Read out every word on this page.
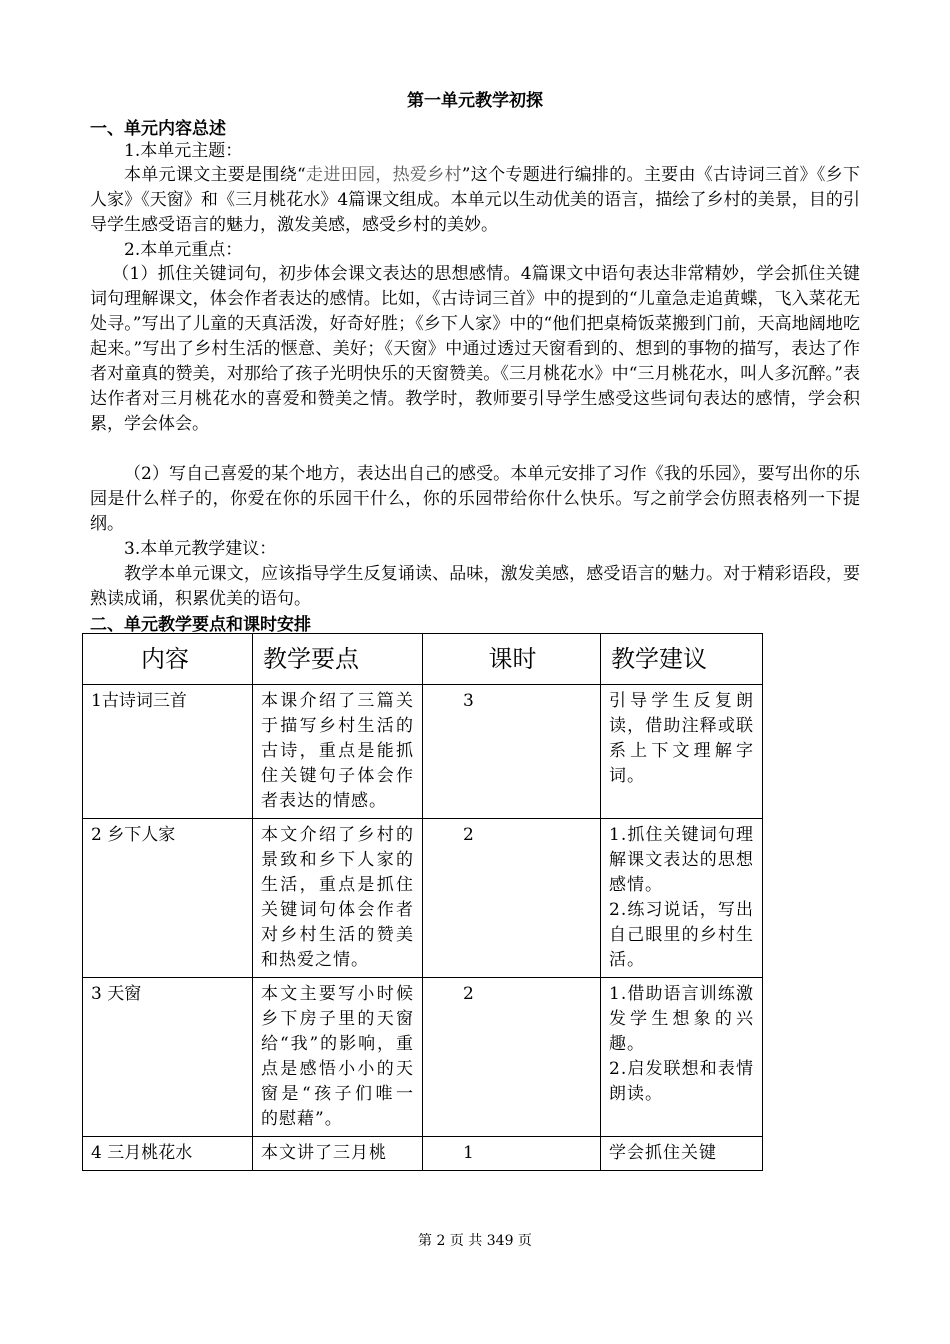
第一单元教学初探
一、单元内容总述

1.本单元主题：

本单元课文主要是围绕“走进田园，热爱乡村”这个专题进行编排的。主要由《古诗词三首》《乡下人家》《天窗》和《三月桃花水》4篇课文组成。本单元以生动优美的语言，描绘了乡村的美景，目的引导学生感受语言的魅力，激发美感，感受乡村的美妙。

2.本单元重点：

（1）抓住关键词句，初步体会课文表达的思想感情。4篇课文中语句表达非常精妙，学会抓住关键词句理解课文，体会作者表达的感情。比如，《古诗词三首》中的提到的“儿童急走追黄蝶，飞入菜花无处寻。”写出了儿童的天真活泼，好奇好胜；《乡下人家》中的“他们把桌椅饭菜搬到门前，天高地阔地吃起来。”写出了乡村生活的惬意、美好；《天窗》中通过透过天窗看到的、想到的事物的描写，表达了作者对童真的赞美，对那给了孩子光明快乐的天窗赞美。《三月桃花水》中“三月桃花水，叫人多沉醉。”表达作者对三月桃花水的喜爱和赞美之情。教学时，教师要引导学生感受这些词句表达的感情，学会积累，学会体会。

（2）写自己喜爱的某个地方，表达出自己的感受。本单元安排了习作《我的乐园》，要写出你的乐园是什么样子的，你爱在你的乐园干什么，你的乐园带给你什么快乐。写之前学会仿照表格列一下提纲。

3.本单元教学建议：

教学本单元课文，应该指导学生反复诵读、品味，激发美感，感受语言的魅力。对于精彩语段，要熟读成诵，积累优美的语句。

二、单元教学要点和课时安排
内容	教学要点	课时	教学建议
1古诗词三首	本课介绍了三篇关于描写乡村生活的古诗，重点是能抓住关键句子体会作者表达的情感。	3	引导学生反复朗读，借助注释或联系上下文理解字词。
2 乡下人家	本文介绍了乡村的景致和乡下人家的生活，重点是抓住关键词句体会作者对乡村生活的赞美和热爱之情。	2	1.抓住关键词句理解课文表达的思想感情。
2.练习说话，写出自己眼里的乡村生活。

3 天窗	本文主要写小时候乡下房子里的天窗给“我”的影响，重点是感悟小小的天窗是“孩子们唯一的慰藉”。	2	1.借助语言训练激发学生想象的兴趣。
2.启发联想和表情朗读。

4 三月桃花水	本文讲了三月桃	1	学会抓住关键
第 2 页 共 349 页
